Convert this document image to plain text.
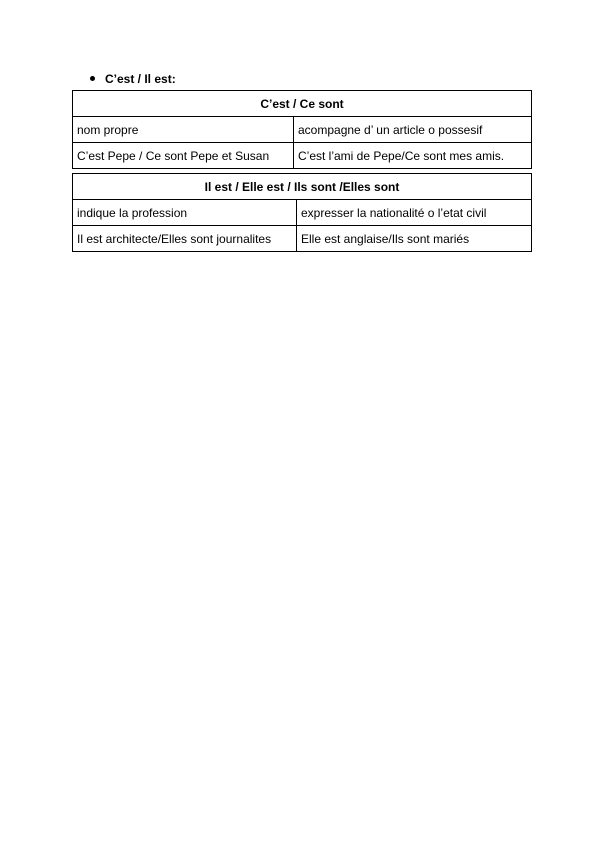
C’est / Il est:
C’est / Ce sont	
nom propre	acompagne d’ un article o possesif
C’est Pepe / Ce sont Pepe et Susan	C’est l’ami de Pepe/Ce sont mes amis.
Il est / Elle est / Ils sont /Elles sont	
indique la profession	expresser la nationalité o l’etat civil
Il est architecte/Elles sont journalites	Elle est anglaise/Ils sont mariés
